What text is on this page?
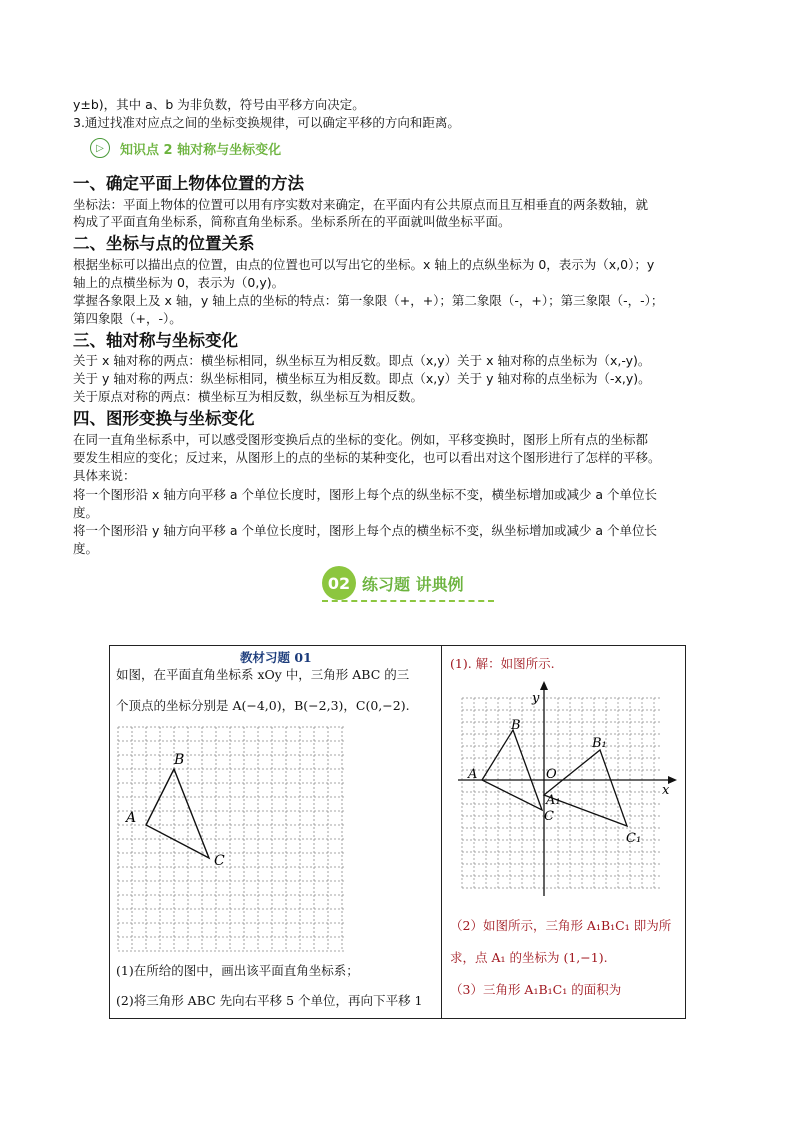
y±b)，其中 a、b 为非负数，符号由平移方向决定。
3.通过找准对应点之间的坐标变换规律，可以确定平移的方向和距离。
▷	知识点 2 轴对称与坐标变化
一、确定平面上物体位置的方法
坐标法：平面上物体的位置可以用有序实数对来确定，在平面内有公共原点而且互相垂直的两条数轴，就
构成了平面直角坐标系，简称直角坐标系。坐标系所在的平面就叫做坐标平面。
二、坐标与点的位置关系
根据坐标可以描出点的位置，由点的位置也可以写出它的坐标。x 轴上的点纵坐标为 0，表示为（x,0）；y
轴上的点横坐标为 0，表示为（0,y)。
掌握各象限上及 x 轴，y 轴上点的坐标的特点：第一象限（+，+）；第二象限（-，+）；第三象限（-，-）；
第四象限（+，-）。
三、轴对称与坐标变化
关于 x 轴对称的两点：横坐标相同，纵坐标互为相反数。即点（x,y）关于 x 轴对称的点坐标为（x,-y)。
关于 y 轴对称的两点：纵坐标相同，横坐标互为相反数。即点（x,y）关于 y 轴对称的点坐标为（-x,y)。
关于原点对称的两点：横坐标互为相反数，纵坐标互为相反数。
四、图形变换与坐标变化
在同一直角坐标系中，可以感受图形变换后点的坐标的变化。例如，平移变换时，图形上所有点的坐标都
要发生相应的变化；反过来，从图形上的点的坐标的某种变化，也可以看出对这个图形进行了怎样的平移。
具体来说：
将一个图形沿 x 轴方向平移 a 个单位长度时，图形上每个点的纵坐标不变，横坐标增加或减少 a 个单位长
度。
将一个图形沿 y 轴方向平移 a 个单位长度时，图形上每个点的横坐标不变，纵坐标增加或减少 a 个单位长
度。
02 练习题 讲典例
教材习题 01
如图，在平面直角坐标系 xOy 中，三角形 ABC 的三
个顶点的坐标分别是 A(−4,0)，B(−2,3)，C(0,−2).
A
B
C
(1)在所给的图中，画出该平面直角坐标系；
(2)将三角形 ABC 先向右平移 5 个单位，再向下平移 1
(1). 解：如图所示.
A
B
C
O
A₁
B₁
C₁
x
y
（2）如图所示，三角形 A₁B₁C₁ 即为所
求，点 A₁ 的坐标为 (1,−1).
（3）三角形 A₁B₁C₁ 的面积为
